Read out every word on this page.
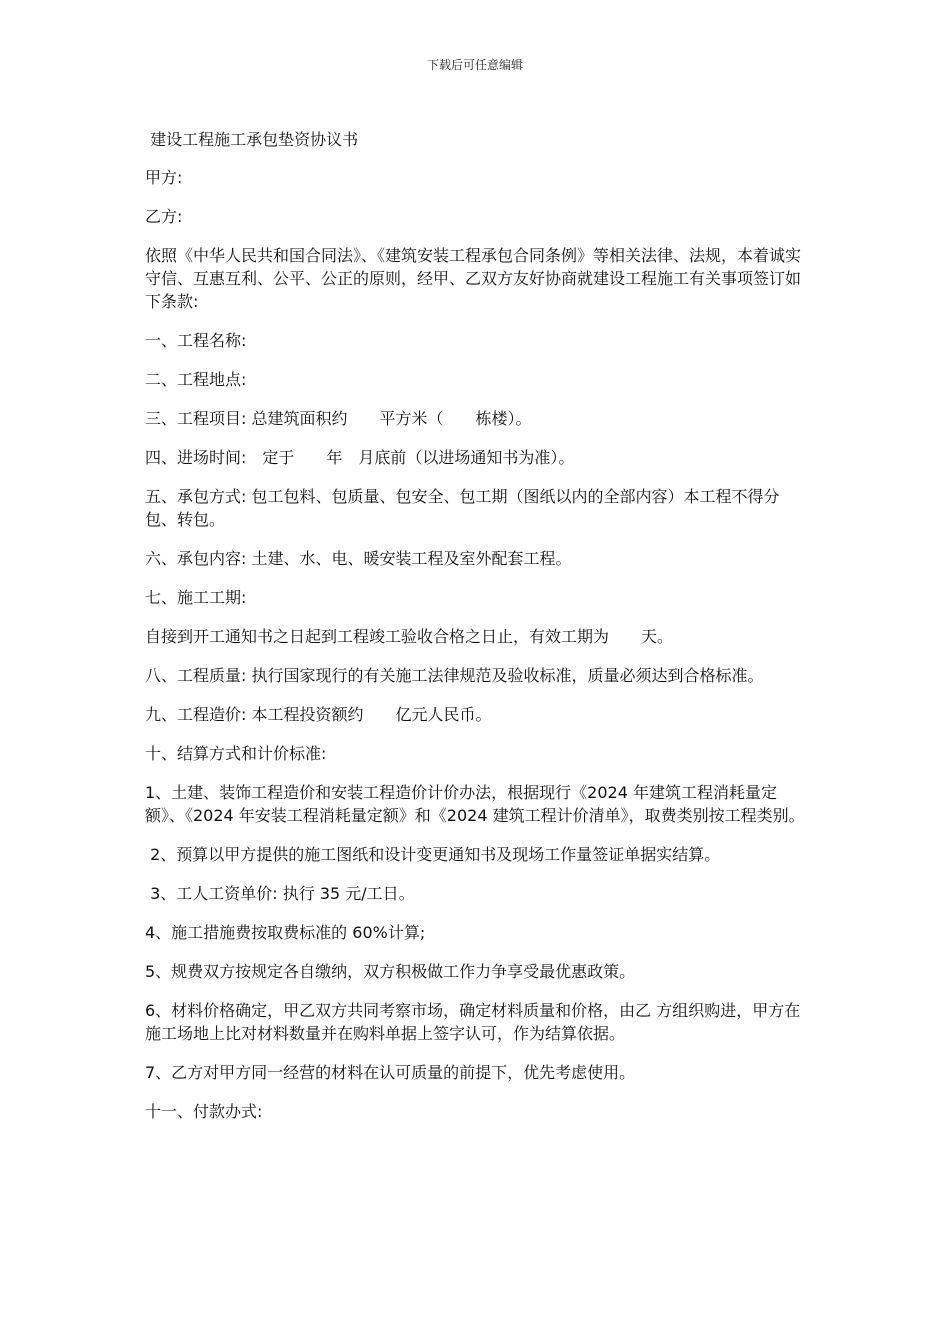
下载后可任意编辑

建设工程施工承包垫资协议书

甲方:

乙方:

依照《中华人民共和国合同法》、《建筑安装工程承包合同条例》等相关法律、法规，本着诚实守信、互惠互利、公平、公正的原则，经甲、乙双方友好协商就建设工程施工有关事项签订如下条款:

一、工程名称:

二、工程地点:

三、工程项目: 总建筑面积约　　平方米（　　栋楼）。

四、进场时间:　定于　　年　月底前（以进场通知书为准）。

五、承包方式: 包工包料、包质量、包安全、包工期（图纸以内的全部内容）本工程不得分包、转包。

六、承包内容: 土建、水、电、暖安装工程及室外配套工程。

七、施工工期:

自接到开工通知书之日起到工程竣工验收合格之日止，有效工期为　　天。

八、工程质量: 执行国家现行的有关施工法律规范及验收标准，质量必须达到合格标准。

九、工程造价: 本工程投资额约　　亿元人民币。

十、结算方式和计价标准:

1、土建、装饰工程造价和安装工程造价计价办法，根据现行《2024 年建筑工程消耗量定额》、《2024 年安装工程消耗量定额》和《2024 建筑工程计价清单》，取费类别按工程类别。

2、预算以甲方提供的施工图纸和设计变更通知书及现场工作量签证单据实结算。

3、工人工资单价: 执行 35 元/工日。

4、施工措施费按取费标准的 60%计算;

5、规费双方按规定各自缴纳，双方积极做工作力争享受最优惠政策。

6、材料价格确定，甲乙双方共同考察市场，确定材料质量和价格，由乙 方组织购进，甲方在施工场地上比对材料数量并在购料单据上签字认可，作为结算依据。

7、乙方对甲方同一经营的材料在认可质量的前提下，优先考虑使用。

十一、付款办式:
